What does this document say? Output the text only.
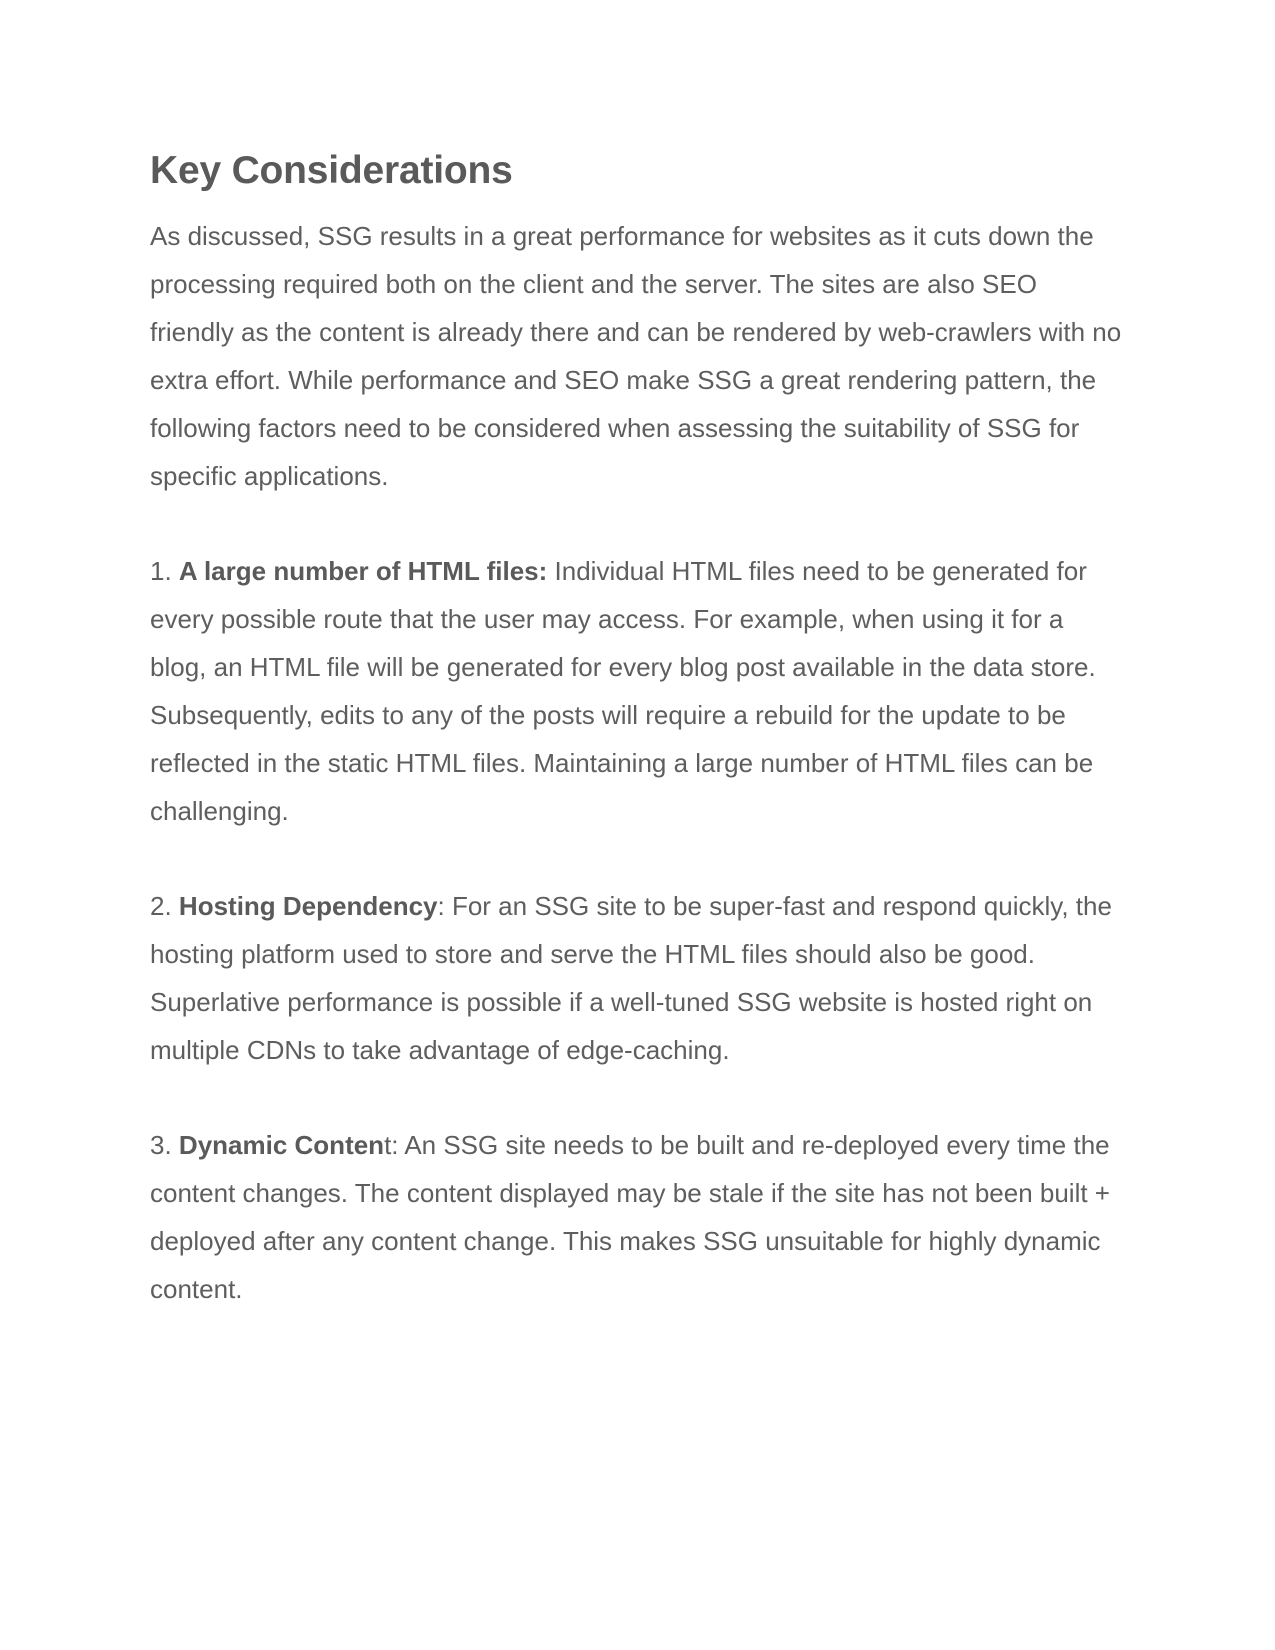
Key Considerations

As discussed, SSG results in a great performance for websites as it cuts down the processing required both on the client and the server. The sites are also SEO friendly as the content is already there and can be rendered by web-crawlers with no extra effort. While performance and SEO make SSG a great rendering pattern, the following factors need to be considered when assessing the suitability of SSG for specific applications.

1. A large number of HTML files: Individual HTML files need to be generated for every possible route that the user may access. For example, when using it for a blog, an HTML file will be generated for every blog post available in the data store. Subsequently, edits to any of the posts will require a rebuild for the update to be reflected in the static HTML files. Maintaining a large number of HTML files can be challenging.

2. Hosting Dependency: For an SSG site to be super-fast and respond quickly, the hosting platform used to store and serve the HTML files should also be good. Superlative performance is possible if a well-tuned SSG website is hosted right on multiple CDNs to take advantage of edge-caching.

3. Dynamic Content: An SSG site needs to be built and re-deployed every time the content changes. The content displayed may be stale if the site has not been built + deployed after any content change. This makes SSG unsuitable for highly dynamic content.
